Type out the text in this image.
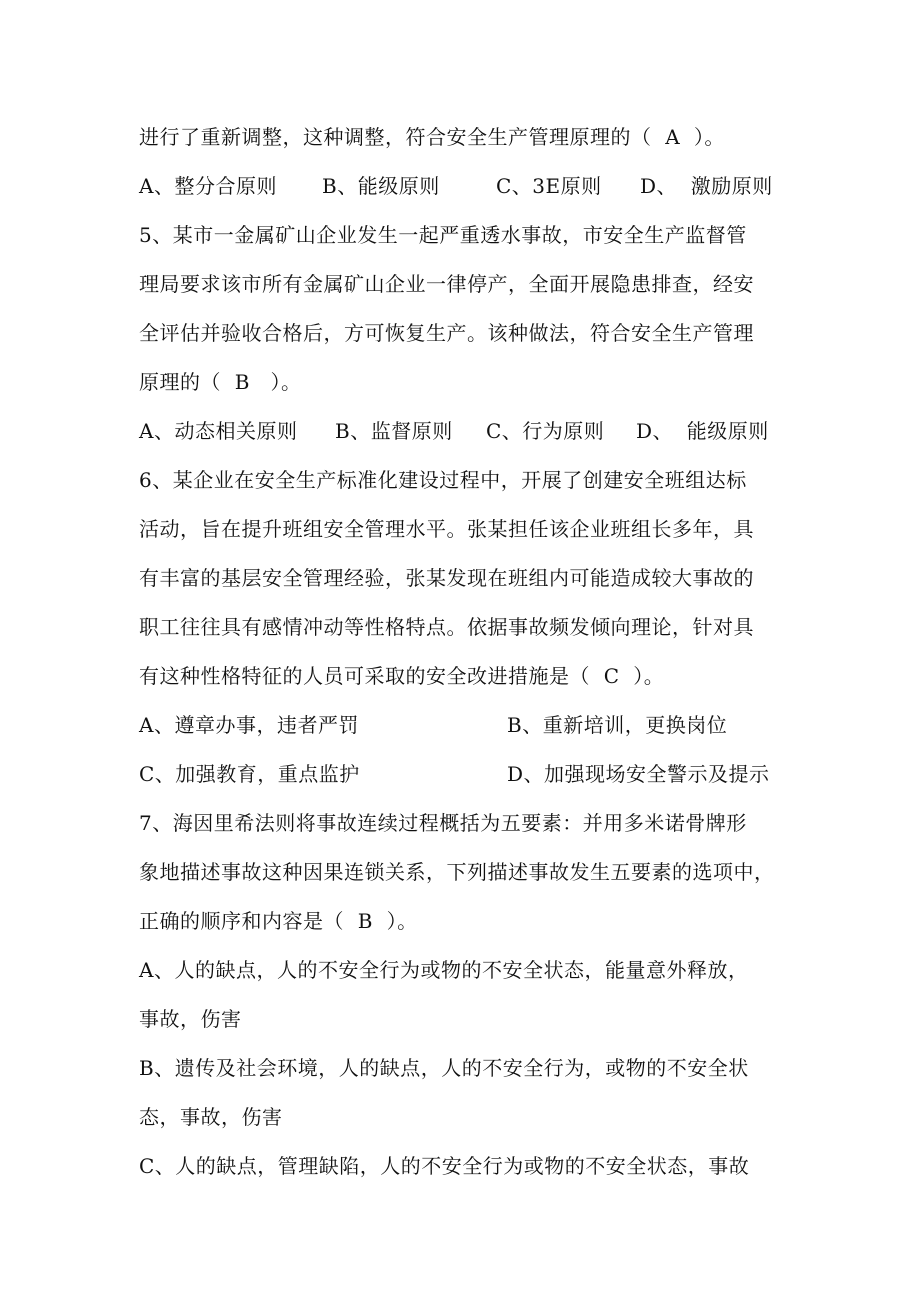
进行了重新调整，这种调整，符合安全生产管理原理的（  A  ）。
A、整分合原则 B、能级原则	C、3E原则 D、  激励原则
5、某市一金属矿山企业发生一起严重透水事故，市安全生产监督管
理局要求该市所有金属矿山企业一律停产，全面开展隐患排查，经安
全评估并验收合格后，方可恢复生产。该种做法，符合安全生产管理
原理的（  B   ）。
A、动态相关原则 B、监督原则 C、行为原则 D、  能级原则
6、某企业在安全生产标准化建设过程中，开展了创建安全班组达标
活动，旨在提升班组安全管理水平。张某担任该企业班组长多年，具
有丰富的基层安全管理经验，张某发现在班组内可能造成较大事故的
职工往往具有感情冲动等性格特点。依据事故频发倾向理论，针对具
有这种性格特征的人员可采取的安全改进措施是（  C  ）。
A、遵章办事，违者严罚	B、重新培训，更换岗位
C、加强教育，重点监护	D、加强现场安全警示及提示
7、海因里希法则将事故连续过程概括为五要素：并用多米诺骨牌形
象地描述事故这种因果连锁关系，下列描述事故发生五要素的选项中，
正确的顺序和内容是（  B  ）。
A、人的缺点，人的不安全行为或物的不安全状态，能量意外释放，
事故，伤害
B、遗传及社会环境，人的缺点，人的不安全行为，或物的不安全状
态，事故，伤害
C、人的缺点，管理缺陷，人的不安全行为或物的不安全状态，事故
